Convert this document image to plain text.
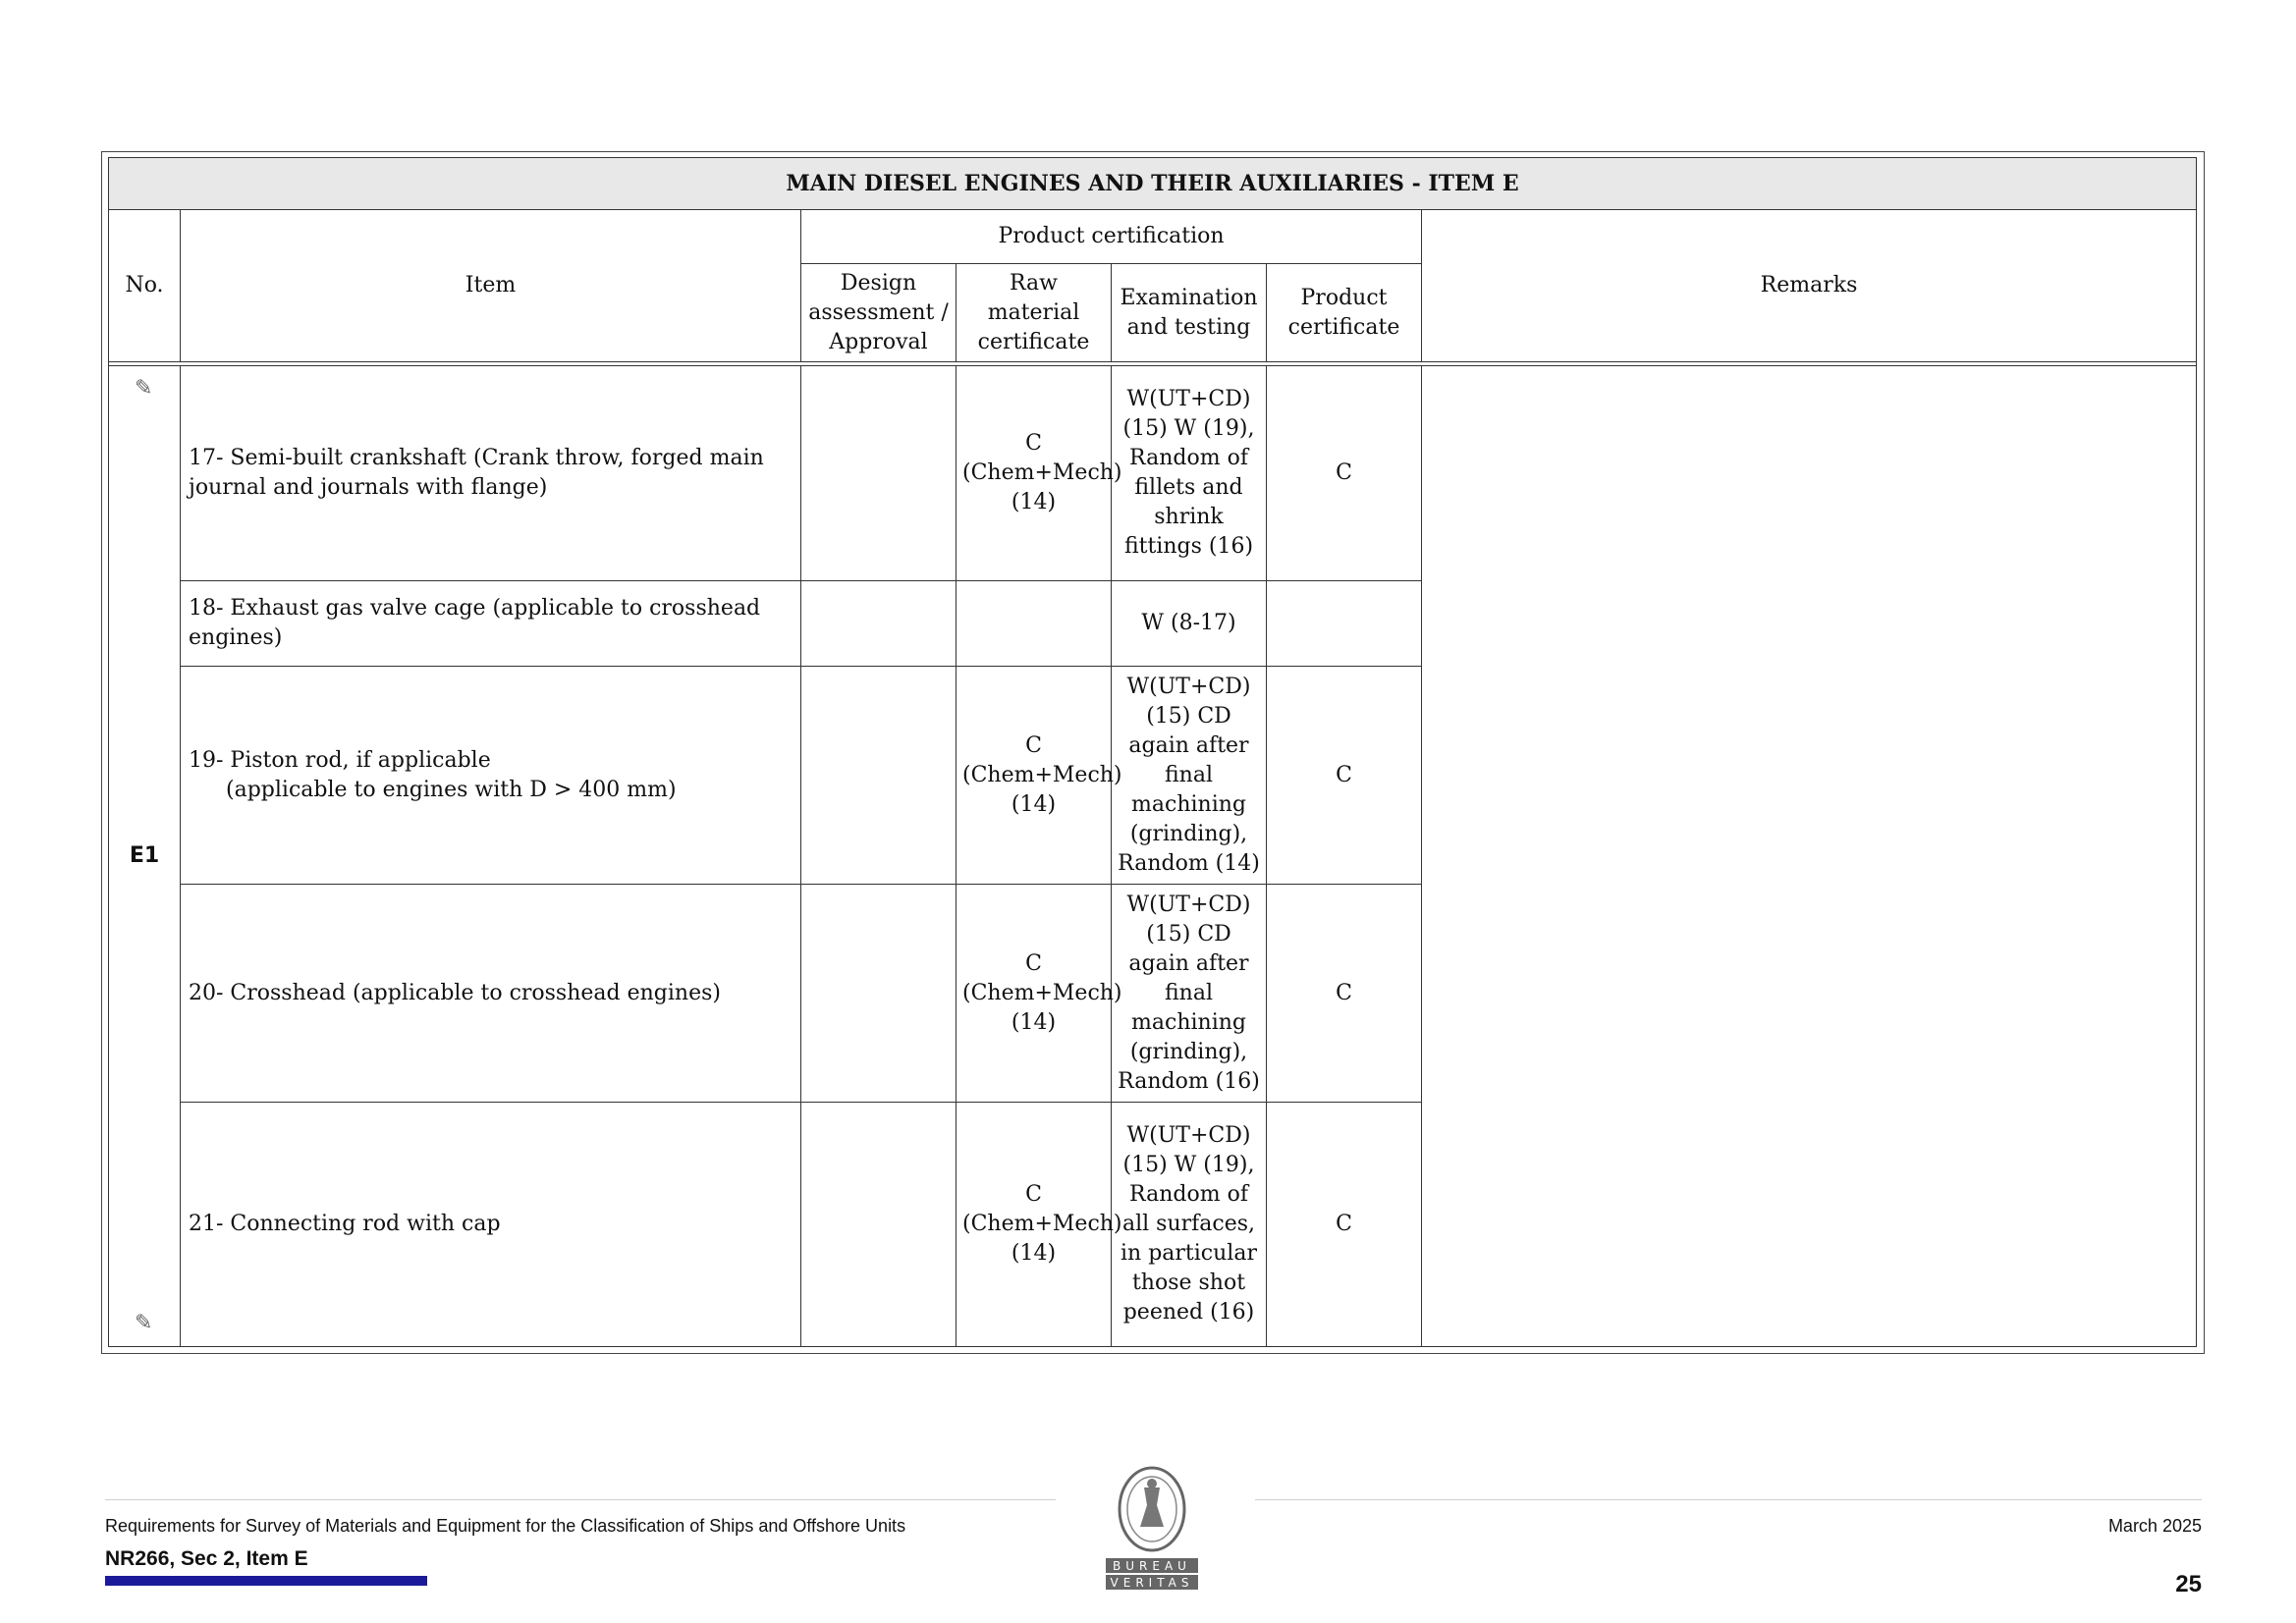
MAIN DIESEL ENGINES AND THEIR AUXILIARIES - ITEM E						
No.	Item	Product certification				Remarks
		Design assessment / Approval	Raw material certificate	Examination and testing	Product certificate	

✎
E1
✎	17- Semi-built crankshaft (Crank throw, forged main journal and journals with flange)		C (Chem+Mech) (14)	W(UT+CD) (15) W (19), Random of fillets and shrink fittings (16)	C	
	18- Exhaust gas valve cage (applicable to crosshead engines)			W (8-17)		
	19- Piston rod, if applicable
(applicable to engines with D > 400 mm)		C (Chem+Mech) (14)	W(UT+CD) (15) CD again after final machining (grinding), Random (14)	C	
	20- Crosshead (applicable to crosshead engines)		C (Chem+Mech) (14)	W(UT+CD) (15) CD again after final machining (grinding), Random (16)	C	
	21- Connecting rod with cap		C (Chem+Mech) (14)	W(UT+CD) (15) W (19), Random of all surfaces, in particular those shot peened (16)	C	
Requirements for Survey of Materials and Equipment for the Classification of Ships and Offshore Units
NR266, Sec 2, Item E
March 2025
25
BUREAU
VERITAS
